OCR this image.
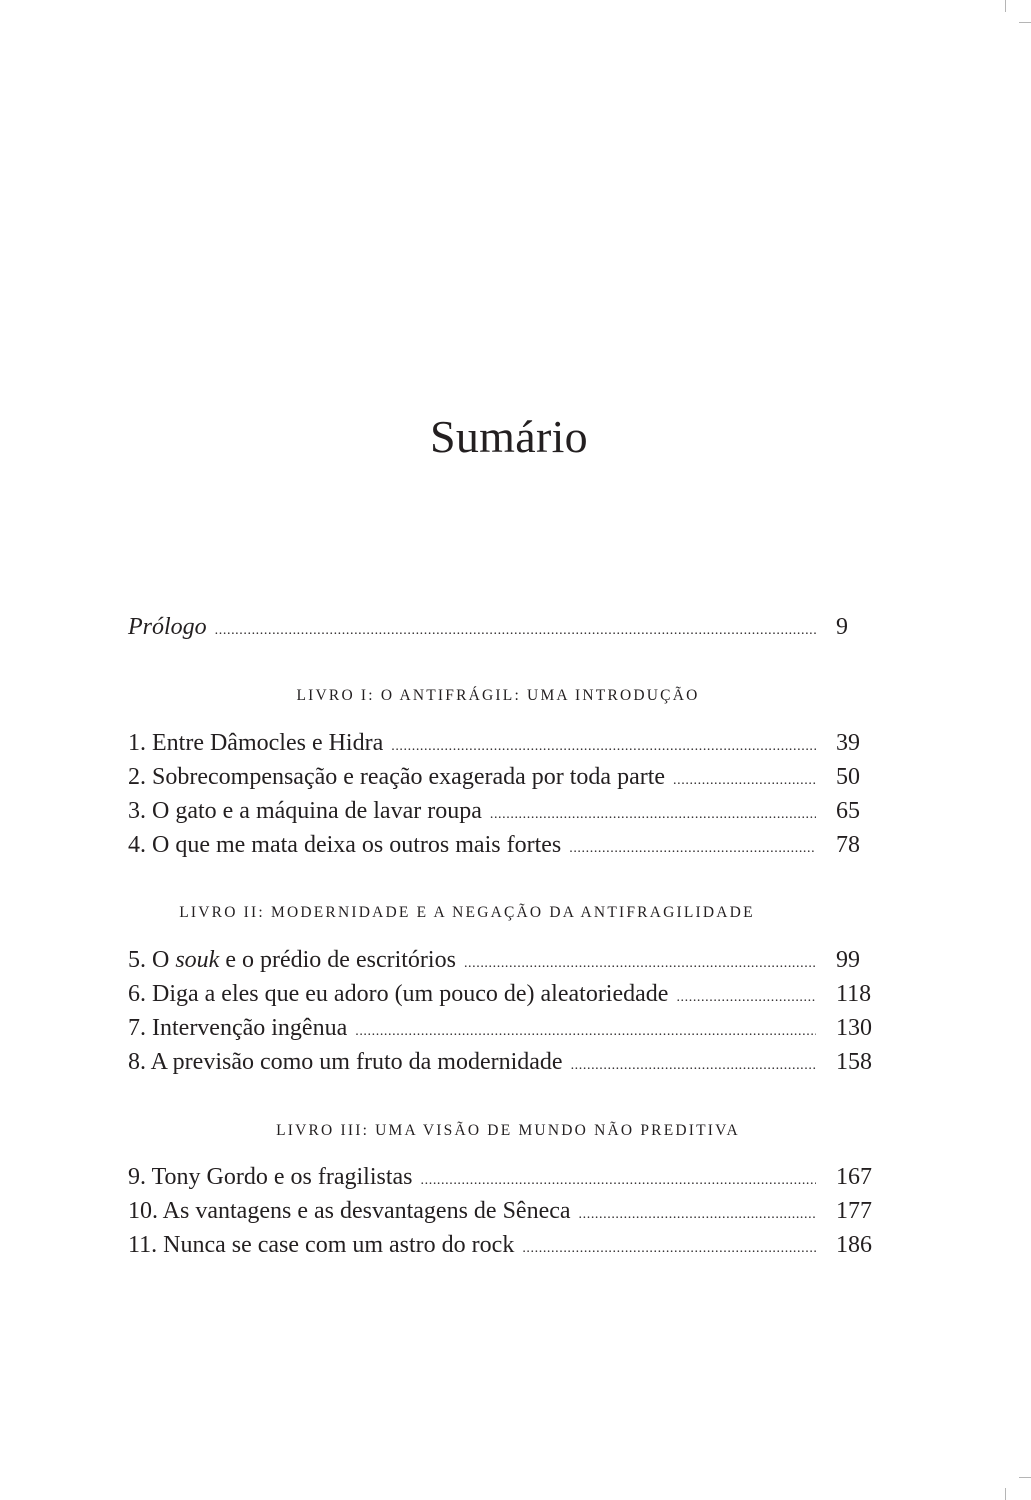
Sumário
Prólogo .....	9
LIVRO I: O ANTIFRÁGIL: UMA INTRODUÇÃO
1. Entre Dâmocles e Hidra .....	39
2. Sobrecompensação e reação exagerada por toda parte .....	50
3. O gato e a máquina de lavar roupa .....	65
4. O que me mata deixa os outros mais fortes .....	78
LIVRO II: MODERNIDADE E A NEGAÇÃO DA ANTIFRAGILIDADE
5. O souk e o prédio de escritórios .....	99
6. Diga a eles que eu adoro (um pouco de) aleatoriedade .....	118
7. Intervenção ingênua .....	130
8. A previsão como um fruto da modernidade .....	158
LIVRO III: UMA VISÃO DE MUNDO NÃO PREDITIVA
9. Tony Gordo e os fragilistas .....	167
10. As vantagens e as desvantagens de Sêneca .....	177
11. Nunca se case com um astro do rock .....	186
